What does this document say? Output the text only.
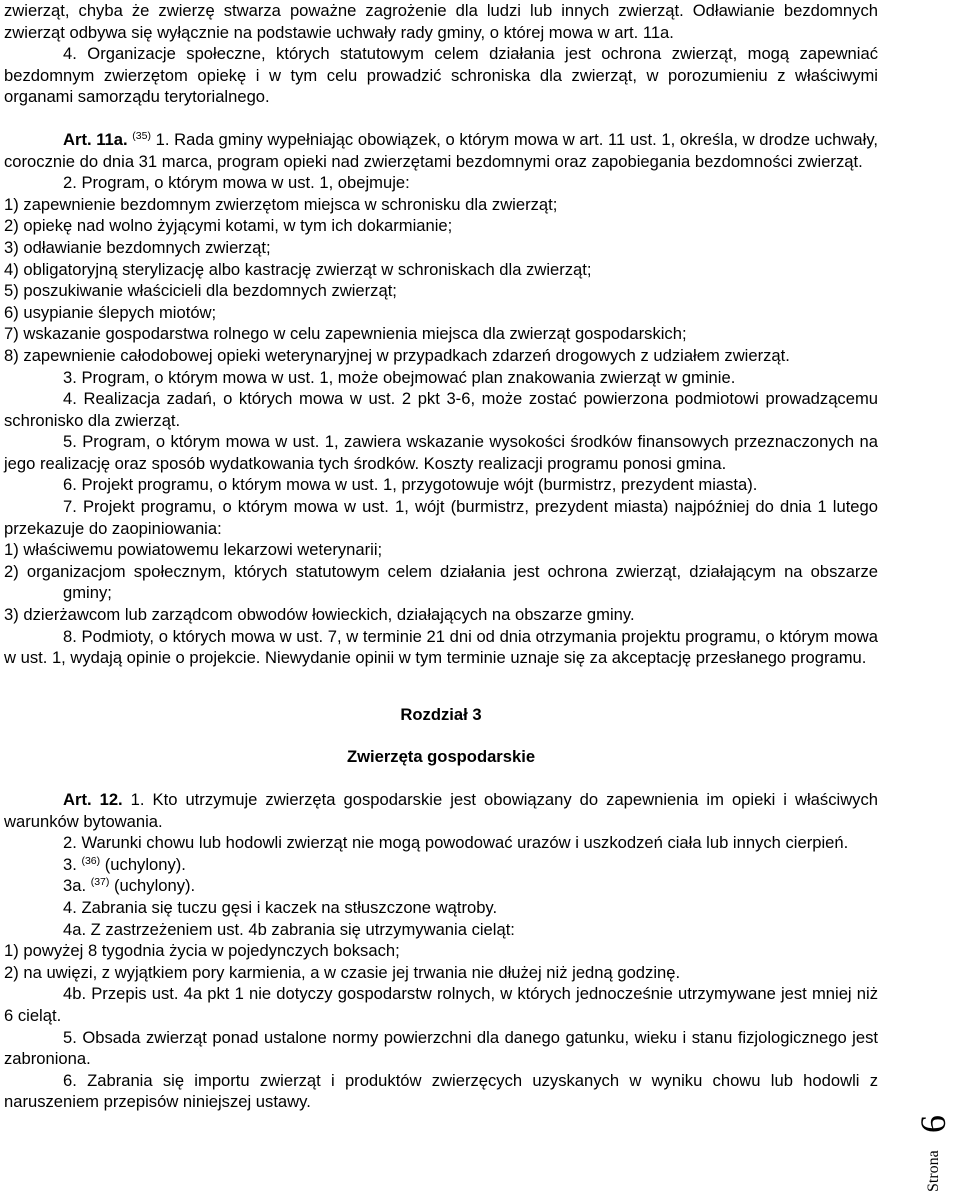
zwierząt, chyba że zwierzę stwarza poważne zagrożenie dla ludzi lub innych zwierząt. Odławianie bezdomnych zwierząt odbywa się wyłącznie na podstawie uchwały rady gminy, o której mowa w art. 11a.

4. Organizacje społeczne, których statutowym celem działania jest ochrona zwierząt, mogą zapewniać bezdomnym zwierzętom opiekę i w tym celu prowadzić schroniska dla zwierząt, w porozumieniu z właściwymi organami samorządu terytorialnego.

Art. 11a. $^{(35)}$ 1. Rada gminy wypełniając obowiązek, o którym mowa w art. 11 ust. 1, określa, w drodze uchwały, corocznie do dnia 31 marca, program opieki nad zwierzętami bezdomnymi oraz zapobiegania bezdomności zwierząt.

2. Program, o którym mowa w ust. 1, obejmuje:

1) zapewnienie bezdomnym zwierzętom miejsca w schronisku dla zwierząt;

2) opiekę nad wolno żyjącymi kotami, w tym ich dokarmianie;

3) odławianie bezdomnych zwierząt;

4) obligatoryjną sterylizację albo kastrację zwierząt w schroniskach dla zwierząt;

5) poszukiwanie właścicieli dla bezdomnych zwierząt;

6) usypianie ślepych miotów;

7) wskazanie gospodarstwa rolnego w celu zapewnienia miejsca dla zwierząt gospodarskich;

8) zapewnienie całodobowej opieki weterynaryjnej w przypadkach zdarzeń drogowych z udziałem zwierząt.

3. Program, o którym mowa w ust. 1, może obejmować plan znakowania zwierząt w gminie.

4. Realizacja zadań, o których mowa w ust. 2 pkt 3-6, może zostać powierzona podmiotowi prowadzącemu schronisko dla zwierząt.

5. Program, o którym mowa w ust. 1, zawiera wskazanie wysokości środków finansowych przeznaczonych na jego realizację oraz sposób wydatkowania tych środków. Koszty realizacji programu ponosi gmina.

6. Projekt programu, o którym mowa w ust. 1, przygotowuje wójt (burmistrz, prezydent miasta).

7. Projekt programu, o którym mowa w ust. 1, wójt (burmistrz, prezydent miasta) najpóźniej do dnia 1 lutego przekazuje do zaopiniowania:

1) właściwemu powiatowemu lekarzowi weterynarii;

2) organizacjom społecznym, których statutowym celem działania jest ochrona zwierząt, działającym na obszarze gminy;

3) dzierżawcom lub zarządcom obwodów łowieckich, działających na obszarze gminy.

8. Podmioty, o których mowa w ust. 7, w terminie 21 dni od dnia otrzymania projektu programu, o którym mowa w ust. 1, wydają opinie o projekcie. Niewydanie opinii w tym terminie uznaje się za akceptację przesłanego programu.

Rozdział 3

Zwierzęta gospodarskie

Art. 12. 1. Kto utrzymuje zwierzęta gospodarskie jest obowiązany do zapewnienia im opieki i właściwych warunków bytowania.

2. Warunki chowu lub hodowli zwierząt nie mogą powodować urazów i uszkodzeń ciała lub innych cierpień.

3. $^{(36)}$ (uchylony).

3a. $^{(37)}$ (uchylony).

4. Zabrania się tuczu gęsi i kaczek na stłuszczone wątroby.

4a. Z zastrzeżeniem ust. 4b zabrania się utrzymywania cieląt:

1) powyżej 8 tygodnia życia w pojedynczych boksach;

2) na uwięzi, z wyjątkiem pory karmienia, a w czasie jej trwania nie dłużej niż jedną godzinę.

4b. Przepis ust. 4a pkt 1 nie dotyczy gospodarstw rolnych, w których jednocześnie utrzymywane jest mniej niż 6 cieląt.

5. Obsada zwierząt ponad ustalone normy powierzchni dla danego gatunku, wieku i stanu fizjologicznego jest zabroniona.

6. Zabrania się importu zwierząt i produktów zwierzęcych uzyskanych w wyniku chowu lub hodowli z naruszeniem przepisów niniejszej ustawy.

6
Strona
